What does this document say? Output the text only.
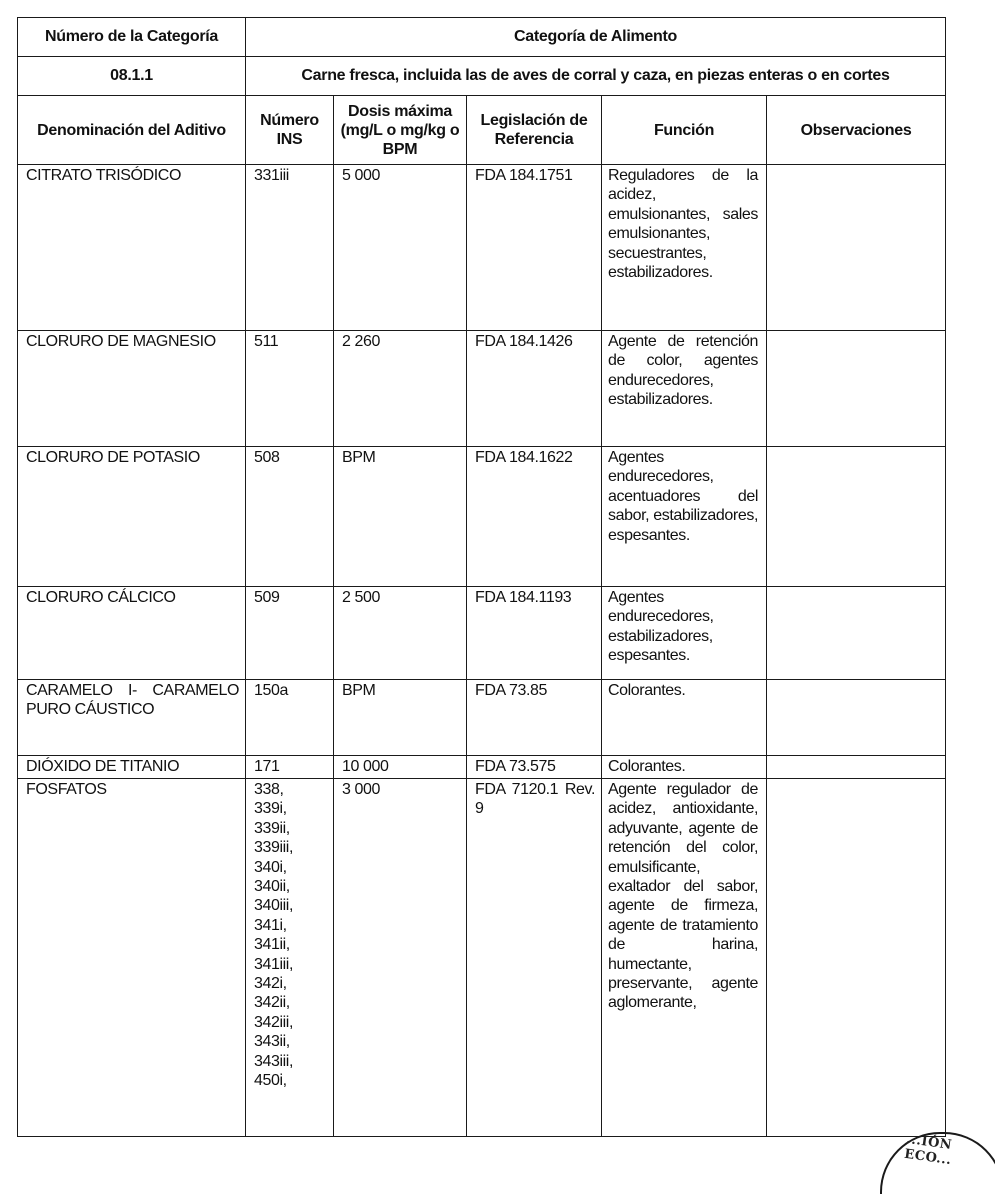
Número de la Categoría	Categoría de Alimento				
08.1.1	Carne fresca, incluida las de aves de corral y caza, en piezas enteras o en cortes				
Denominación del Aditivo	Número INS	Dosis máxima (mg/L o mg/kg o BPM	Legislación de Referencia	Función	Observaciones
CITRATO TRISÓDICO	331iii	5 000	FDA 184.1751	Reguladores de la acidez, emulsionantes, sales emulsionantes, secuestrantes, estabilizadores.	
CLORURO DE MAGNESIO	511	2 260	FDA 184.1426	Agente de retención de color, agentes endurecedores, estabilizadores.	
CLORURO DE POTASIO	508	BPM	FDA 184.1622	Agentes endurecedores, acentuadores del sabor, estabilizadores, espesantes.	
CLORURO CÁLCICO	509	2 500	FDA 184.1193	Agentes endurecedores, estabilizadores, espesantes.	
CARAMELO I- CARAMELO PURO CÁUSTICO	150a	BPM	FDA 73.85	Colorantes.	
DIÓXIDO DE TITANIO	171	10 000	FDA 73.575	Colorantes.	
FOSFATOS	338, 339i, 339ii, 339iii, 340i, 340ii, 340iii, 341i, 341ii, 341iii, 342i, 342ii, 342iii, 343ii, 343iii, 450i,	3 000	FDA 7120.1 Rev. 9	Agente regulador de acidez, antioxidante, adyuvante, agente de retención del color, emulsificante, exaltador del sabor, agente de firmeza, agente de tratamiento de harina, humectante, preservante, agente aglomerante,	
...IÓN ECO...
